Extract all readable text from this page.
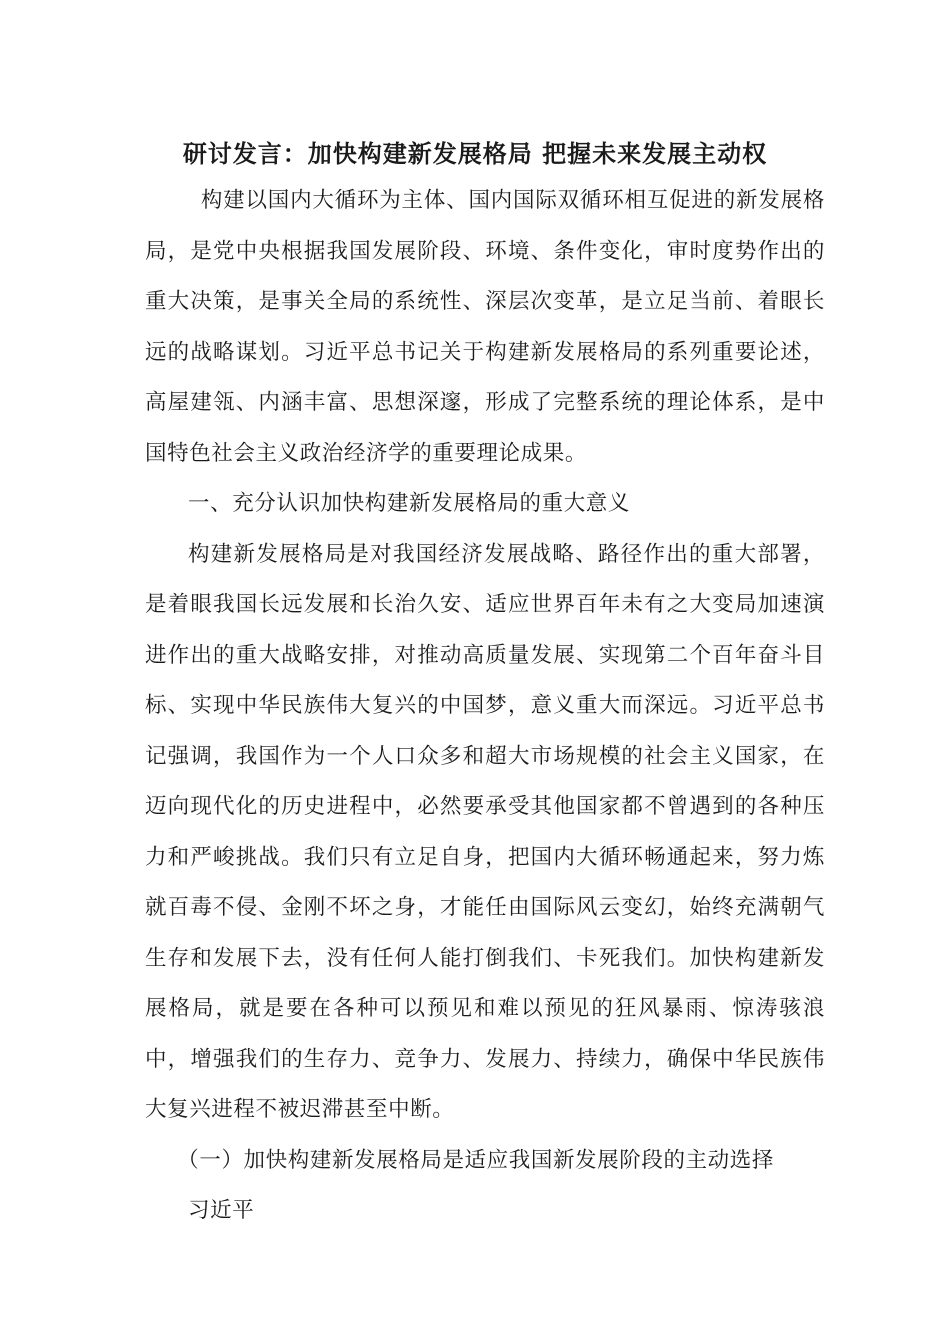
研讨发言：加快构建新发展格局 把握未来发展主动权

构建以国内大循环为主体、国内国际双循环相互促进的新发展格局，是党中央根据我国发展阶段、环境、条件变化，审时度势作出的重大决策，是事关全局的系统性、深层次变革，是立足当前、着眼长远的战略谋划。习近平总书记关于构建新发展格局的系列重要论述，高屋建瓴、内涵丰富、思想深邃，形成了完整系统的理论体系，是中国特色社会主义政治经济学的重要理论成果。

一、充分认识加快构建新发展格局的重大意义

构建新发展格局是对我国经济发展战略、路径作出的重大部署，是着眼我国长远发展和长治久安、适应世界百年未有之大变局加速演进作出的重大战略安排，对推动高质量发展、实现第二个百年奋斗目标、实现中华民族伟大复兴的中国梦，意义重大而深远。习近平总书记强调，我国作为一个人口众多和超大市场规模的社会主义国家，在迈向现代化的历史进程中，必然要承受其他国家都不曾遇到的各种压力和严峻挑战。我们只有立足自身，把国内大循环畅通起来，努力炼就百毒不侵、金刚不坏之身，才能任由国际风云变幻，始终充满朝气生存和发展下去，没有任何人能打倒我们、卡死我们。加快构建新发展格局，就是要在各种可以预见和难以预见的狂风暴雨、惊涛骇浪中，增强我们的生存力、竞争力、发展力、持续力，确保中华民族伟大复兴进程不被迟滞甚至中断。

（一）加快构建新发展格局是适应我国新发展阶段的主动选择

习近平
